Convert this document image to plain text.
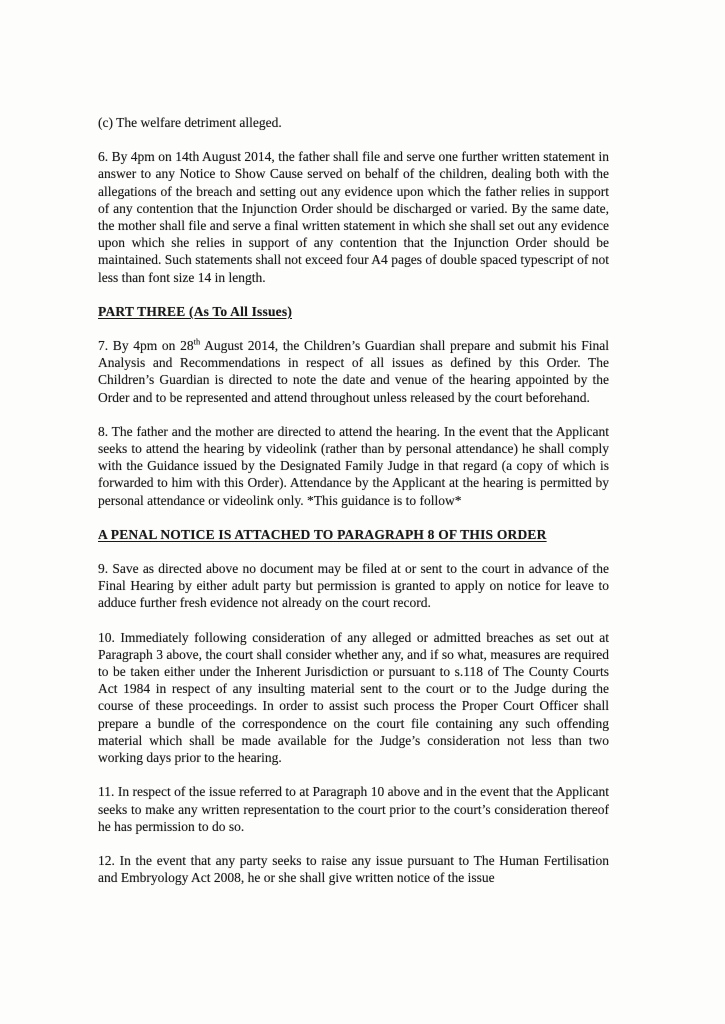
(c) The welfare detriment alleged.

6. By 4pm on 14th August 2014, the father shall file and serve one further written statement in answer to any Notice to Show Cause served on behalf of the children, dealing both with the allegations of the breach and setting out any evidence upon which the father relies in support of any contention that the Injunction Order should be discharged or varied. By the same date, the mother shall file and serve a final written statement in which she shall set out any evidence upon which she relies in support of any contention that the Injunction Order should be maintained. Such statements shall not exceed four A4 pages of double spaced typescript of not less than font size 14 in length.

PART THREE (As To All Issues)

7. By 4pm on 28th August 2014, the Children’s Guardian shall prepare and submit his Final Analysis and Recommendations in respect of all issues as defined by this Order. The Children’s Guardian is directed to note the date and venue of the hearing appointed by the Order and to be represented and attend throughout unless released by the court beforehand.

8. The father and the mother are directed to attend the hearing. In the event that the Applicant seeks to attend the hearing by videolink (rather than by personal attendance) he shall comply with the Guidance issued by the Designated Family Judge in that regard (a copy of which is forwarded to him with this Order). Attendance by the Applicant at the hearing is permitted by personal attendance or videolink only. *This guidance is to follow*

A PENAL NOTICE IS ATTACHED TO PARAGRAPH 8 OF THIS ORDER

9. Save as directed above no document may be filed at or sent to the court in advance of the Final Hearing by either adult party but permission is granted to apply on notice for leave to adduce further fresh evidence not already on the court record.

10. Immediately following consideration of any alleged or admitted breaches as set out at Paragraph 3 above, the court shall consider whether any, and if so what, measures are required to be taken either under the Inherent Jurisdiction or pursuant to s.118 of The County Courts Act 1984 in respect of any insulting material sent to the court or to the Judge during the course of these proceedings. In order to assist such process the Proper Court Officer shall prepare a bundle of the correspondence on the court file containing any such offending material which shall be made available for the Judge’s consideration not less than two working days prior to the hearing.

11. In respect of the issue referred to at Paragraph 10 above and in the event that the Applicant seeks to make any written representation to the court prior to the court’s consideration thereof he has permission to do so.

12. In the event that any party seeks to raise any issue pursuant to The Human Fertilisation and Embryology Act 2008, he or she shall give written notice of the issue
